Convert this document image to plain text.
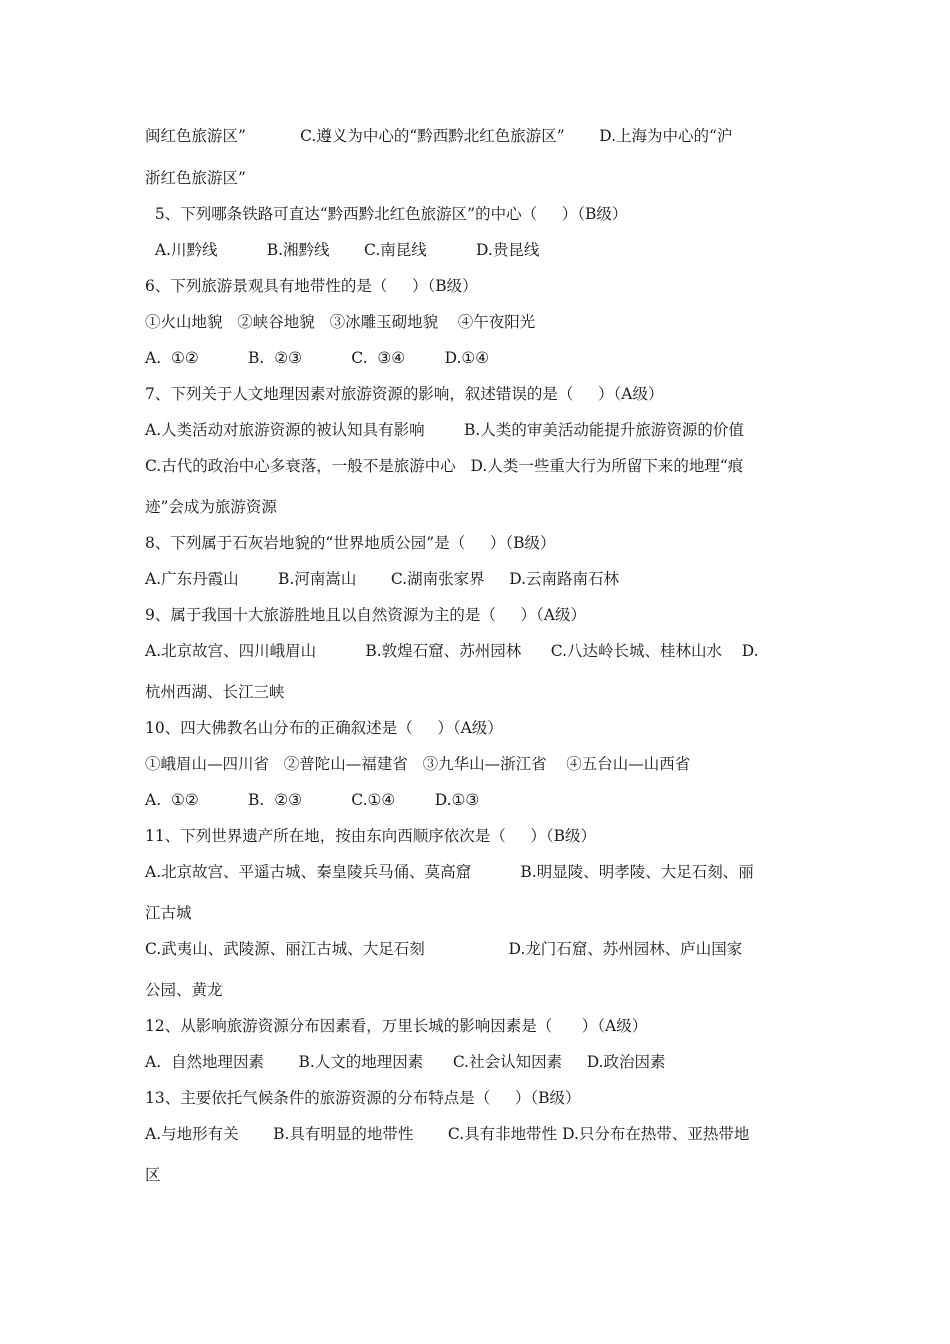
闽红色旅游区”           C.遵义为中心的“黔西黔北红色旅游区”       D.上海为中心的“沪
浙红色旅游区”
5、下列哪条铁路可直达“黔西黔北红色旅游区”的中心（     ）（B级）
A.川黔线          B.湘黔线       C.南昆线          D.贵昆线
6、下列旅游景观具有地带性的是（     ）（B级）
①火山地貌   ②峡谷地貌   ③冰雕玉砌地貌    ④午夜阳光
A.  ①②          B.  ②③          C.  ③④        D.①④
7、下列关于人文地理因素对旅游资源的影响，叙述错误的是（     ）（A级）
A.人类活动对旅游资源的被认知具有影响        B.人类的审美活动能提升旅游资源的价值
C.古代的政治中心多衰落，一般不是旅游中心   D.人类一些重大行为所留下来的地理“痕
迹”会成为旅游资源
8、下列属于石灰岩地貌的“世界地质公园”是（     ）（B级）
A.广东丹霞山        B.河南嵩山       C.湖南张家界     D.云南路南石林
9、属于我国十大旅游胜地且以自然资源为主的是（     ）（A级）
A.北京故宫、四川峨眉山          B.敦煌石窟、苏州园林      C.八达岭长城、桂林山水    D.
杭州西湖、长江三峡
10、四大佛教名山分布的正确叙述是（     ）（A级）
①峨眉山—四川省   ②普陀山—福建省   ③九华山—浙江省    ④五台山—山西省
A.  ①②          B.  ②③          C.①④        D.①③
11、下列世界遗产所在地，按由东向西顺序依次是（     ）（B级）
A.北京故宫、平遥古城、秦皇陵兵马俑、莫高窟          B.明显陵、明孝陵、大足石刻、丽
江古城
C.武夷山、武陵源、丽江古城、大足石刻                 D.龙门石窟、苏州园林、庐山国家
公园、黄龙
12、从影响旅游资源分布因素看，万里长城的影响因素是（      ）（A级）
A.  自然地理因素       B.人文的地理因素      C.社会认知因素     D.政治因素
13、主要依托气候条件的旅游资源的分布特点是（     ）（B级）
A.与地形有关       B.具有明显的地带性       C.具有非地带性 D.只分布在热带、亚热带地
区
